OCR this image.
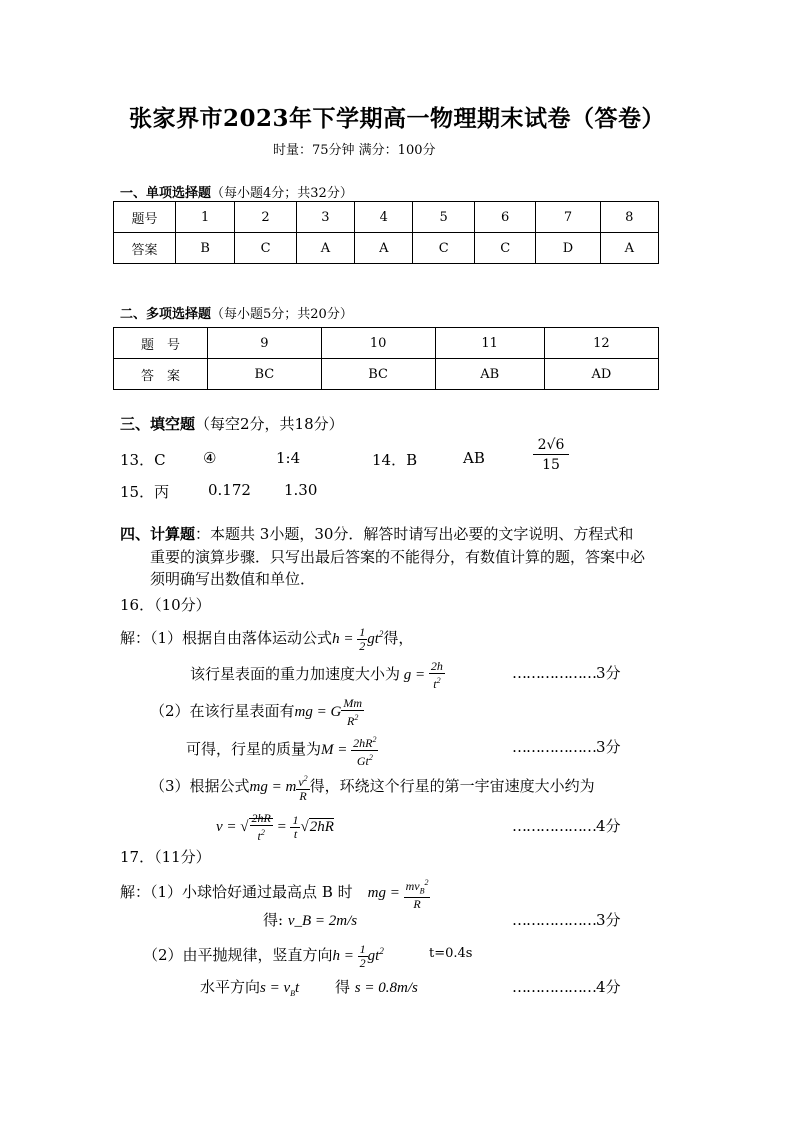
张家界市2023年下学期高一物理期末试卷（答卷）
时量：75分钟 满分：100分
一、单项选择题（每小题4分；共32分）
题号	1	2	3	4	5	6	7	8
答案	B	C	A	A	C	C	D	A
二、多项选择题（每小题5分；共20分）
题　号	9	10	11	12
答　案	BC	BC	AB	AD
三、填空题（每空2分，共18分）
13．C ④	1:4	14．B	AB	$\frac{2√6}{15}$
15．丙	0.172 1.30
四、计算题：本题共 3小题，30分．解答时请写出必要的文字说明、方程式和
重要的演算步骤．只写出最后答案的不能得分，有数值计算的题，答案中必
须明确写出数值和单位．
16．（10分）
解：（1）根据自由落体运动公式$h = \frac{1}{2} gt^2$得，
该行星表面的重力加速度大小为 $g = \frac{2h}{t^2}$	………………3分
（2）在该行星表面有mg = G $\frac{Mm}{R^2}$
可得，行星的质量为$M = \frac{2hR^2}{Gt^2}$	………………3分
（3）根据公式mg = m $\frac{v^2}{R}$ 得，环绕这个行星的第一宇宙速度大小约为
v = √ $\frac{2hR}{t^2} = \frac{1}{t} √2hR$	………………4分
17．（11分）
解：（1）小球恰好通过最高点 B 时　mg = $\frac{mv_B^2}{R}$
得: v_B = 2m/s	………………3分
（2）由平抛规律，竖直方向$h = \frac{1}{2} gt^2$	t=0.4s
水平方向$s = v_Bt$ 得 s = 0.8m/s	………………4分
